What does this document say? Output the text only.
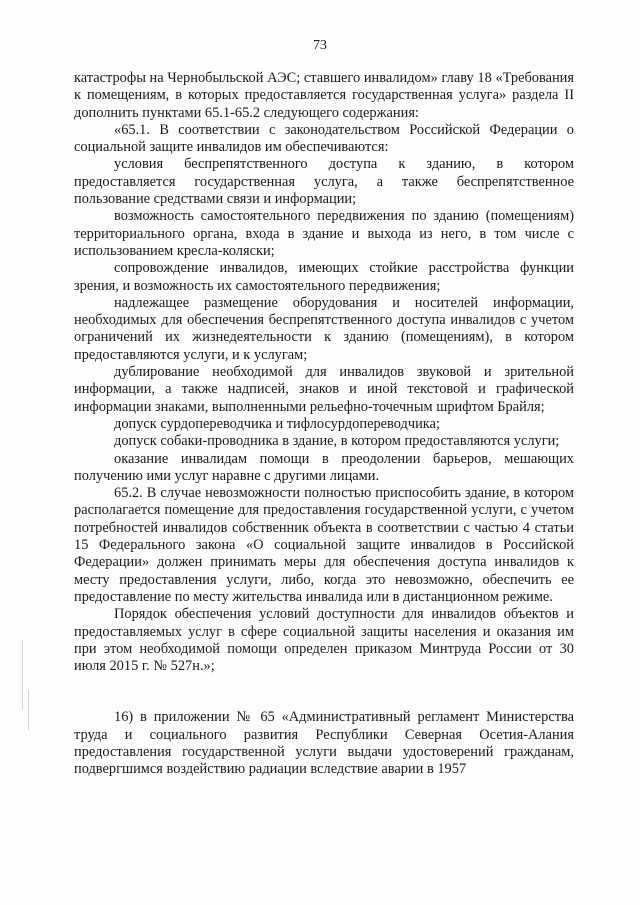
73

катастрофы на Чернобыльской АЭС; ставшего инвалидом» главу 18 «Требования к помещениям, в которых предоставляется государственная услуга» раздела II дополнить пунктами 65.1-65.2 следующего содержания:

«65.1. В соответствии с законодательством Российской Федерации о социальной защите инвалидов им обеспечиваются:

условия беспрепятственного доступа к зданию, в котором предоставляется государственная услуга, а также беспрепятственное пользование средствами связи и информации;

возможность самостоятельного передвижения по зданию (помещениям) территориального органа, входа в здание и выхода из него, в том числе с использованием кресла-коляски;

сопровождение инвалидов, имеющих стойкие расстройства функции зрения, и возможность их самостоятельного передвижения;

надлежащее размещение оборудования и носителей информации, необходимых для обеспечения беспрепятственного доступа инвалидов с учетом ограничений их жизнедеятельности к зданию (помещениям), в котором предоставляются услуги, и к услугам;

дублирование необходимой для инвалидов звуковой и зрительной информации, а также надписей, знаков и иной текстовой и графической информации знаками, выполненными рельефно-точечным шрифтом Брайля;

допуск сурдопереводчика и тифлосурдопереводчика;

допуск собаки-проводника в здание, в котором предоставляются услуги;

оказание инвалидам помощи в преодолении барьеров, мешающих получению ими услуг наравне с другими лицами.

65.2. В случае невозможности полностью приспособить здание, в котором располагается помещение для предоставления государственной услуги, с учетом потребностей инвалидов собственник объекта в соответствии с частью 4 статьи 15 Федерального закона «О социальной защите инвалидов в Российской Федерации» должен принимать меры для обеспечения доступа инвалидов к месту предоставления услуги, либо, когда это невозможно, обеспечить ее предоставление по месту жительства инвалида или в дистанционном режиме.

Порядок обеспечения условий доступности для инвалидов объектов и предоставляемых услуг в сфере социальной защиты населения и оказания им при этом необходимой помощи определен приказом Минтруда России от 30 июля 2015 г. № 527н.»;

16) в приложении № 65 «Административный регламент Министерства труда и социального развития Республики Северная Осетия-Алания предоставления государственной услуги выдачи удостоверений гражданам, подвергшимся воздействию радиации вследствие аварии в 1957
